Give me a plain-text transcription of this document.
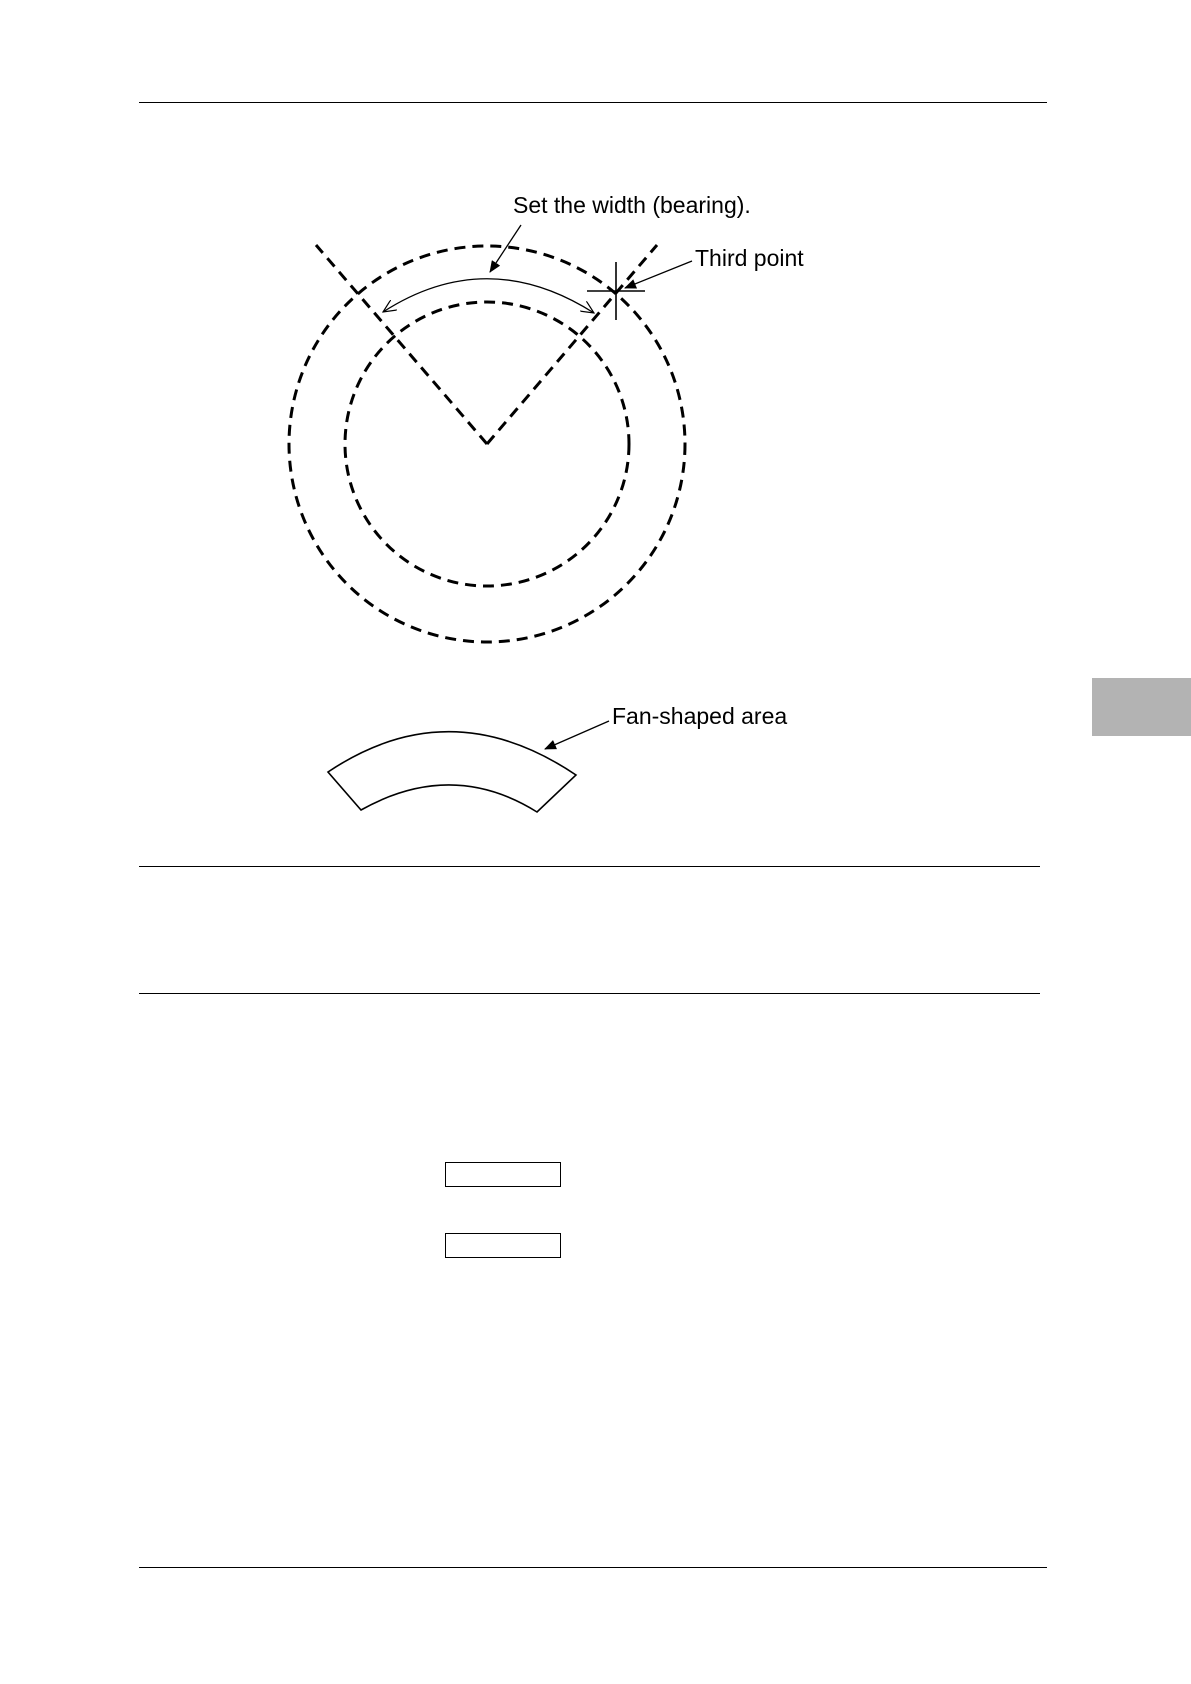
Set the width (bearing).
Third point
Fan-shaped area
